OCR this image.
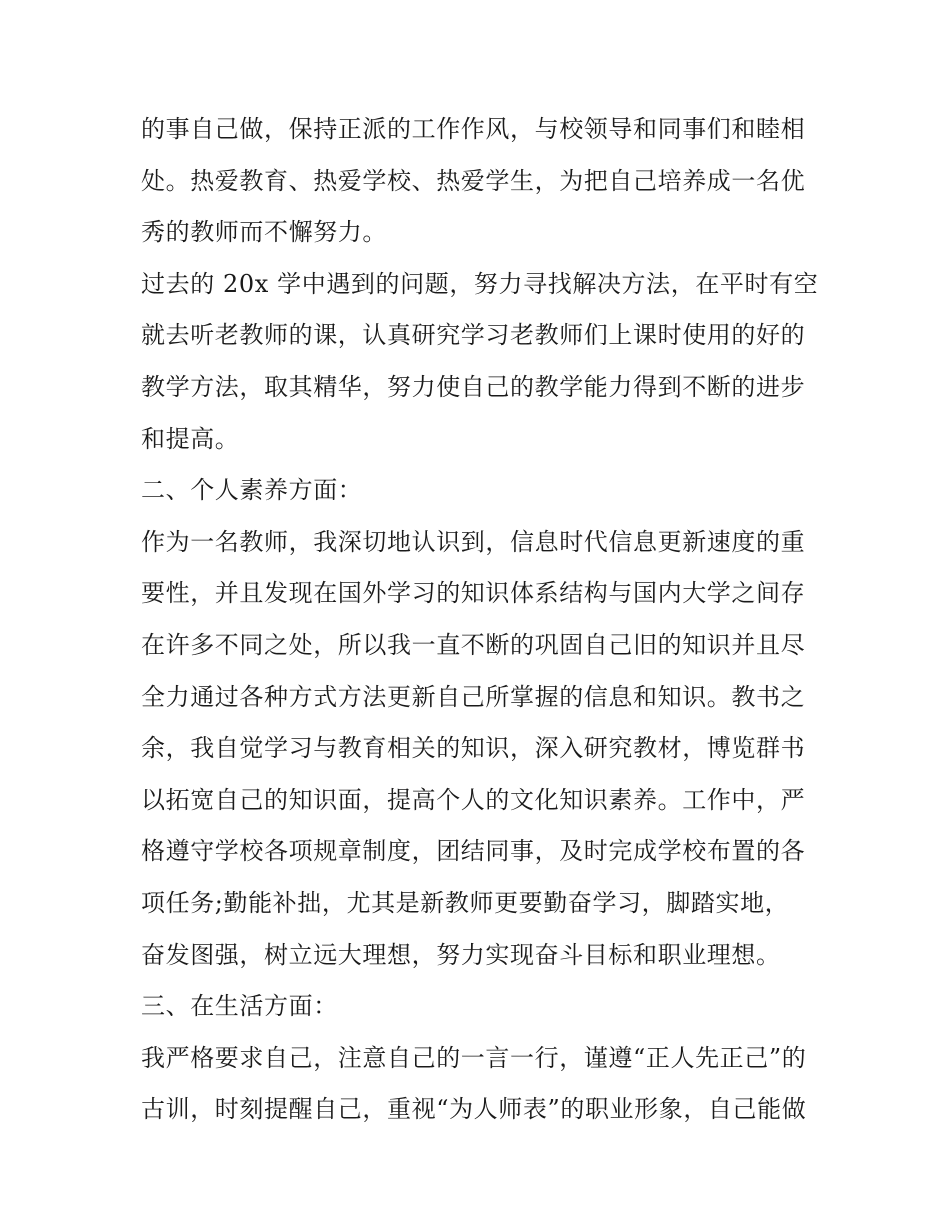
的事自己做，保持正派的工作作风，与校领导和同事们和睦相
处。热爱教育、热爱学校、热爱学生，为把自己培养成一名优
秀的教师而不懈努力。
过去的 20x 学中遇到的问题，努力寻找解决方法，在平时有空
就去听老教师的课，认真研究学习老教师们上课时使用的好的
教学方法，取其精华，努力使自己的教学能力得到不断的进步
和提高。
二、个人素养方面：
作为一名教师，我深切地认识到，信息时代信息更新速度的重
要性，并且发现在国外学习的知识体系结构与国内大学之间存
在许多不同之处，所以我一直不断的巩固自己旧的知识并且尽
全力通过各种方式方法更新自己所掌握的信息和知识。教书之
余，我自觉学习与教育相关的知识，深入研究教材，博览群书
以拓宽自己的知识面，提高个人的文化知识素养。工作中，严
格遵守学校各项规章制度，团结同事，及时完成学校布置的各
项任务;勤能补拙，尤其是新教师更要勤奋学习，脚踏实地，
奋发图强，树立远大理想，努力实现奋斗目标和职业理想。
三、在生活方面：
我严格要求自己，注意自己的一言一行，谨遵“正人先正己”的
古训，时刻提醒自己，重视“为人师表”的职业形象，自己能做
